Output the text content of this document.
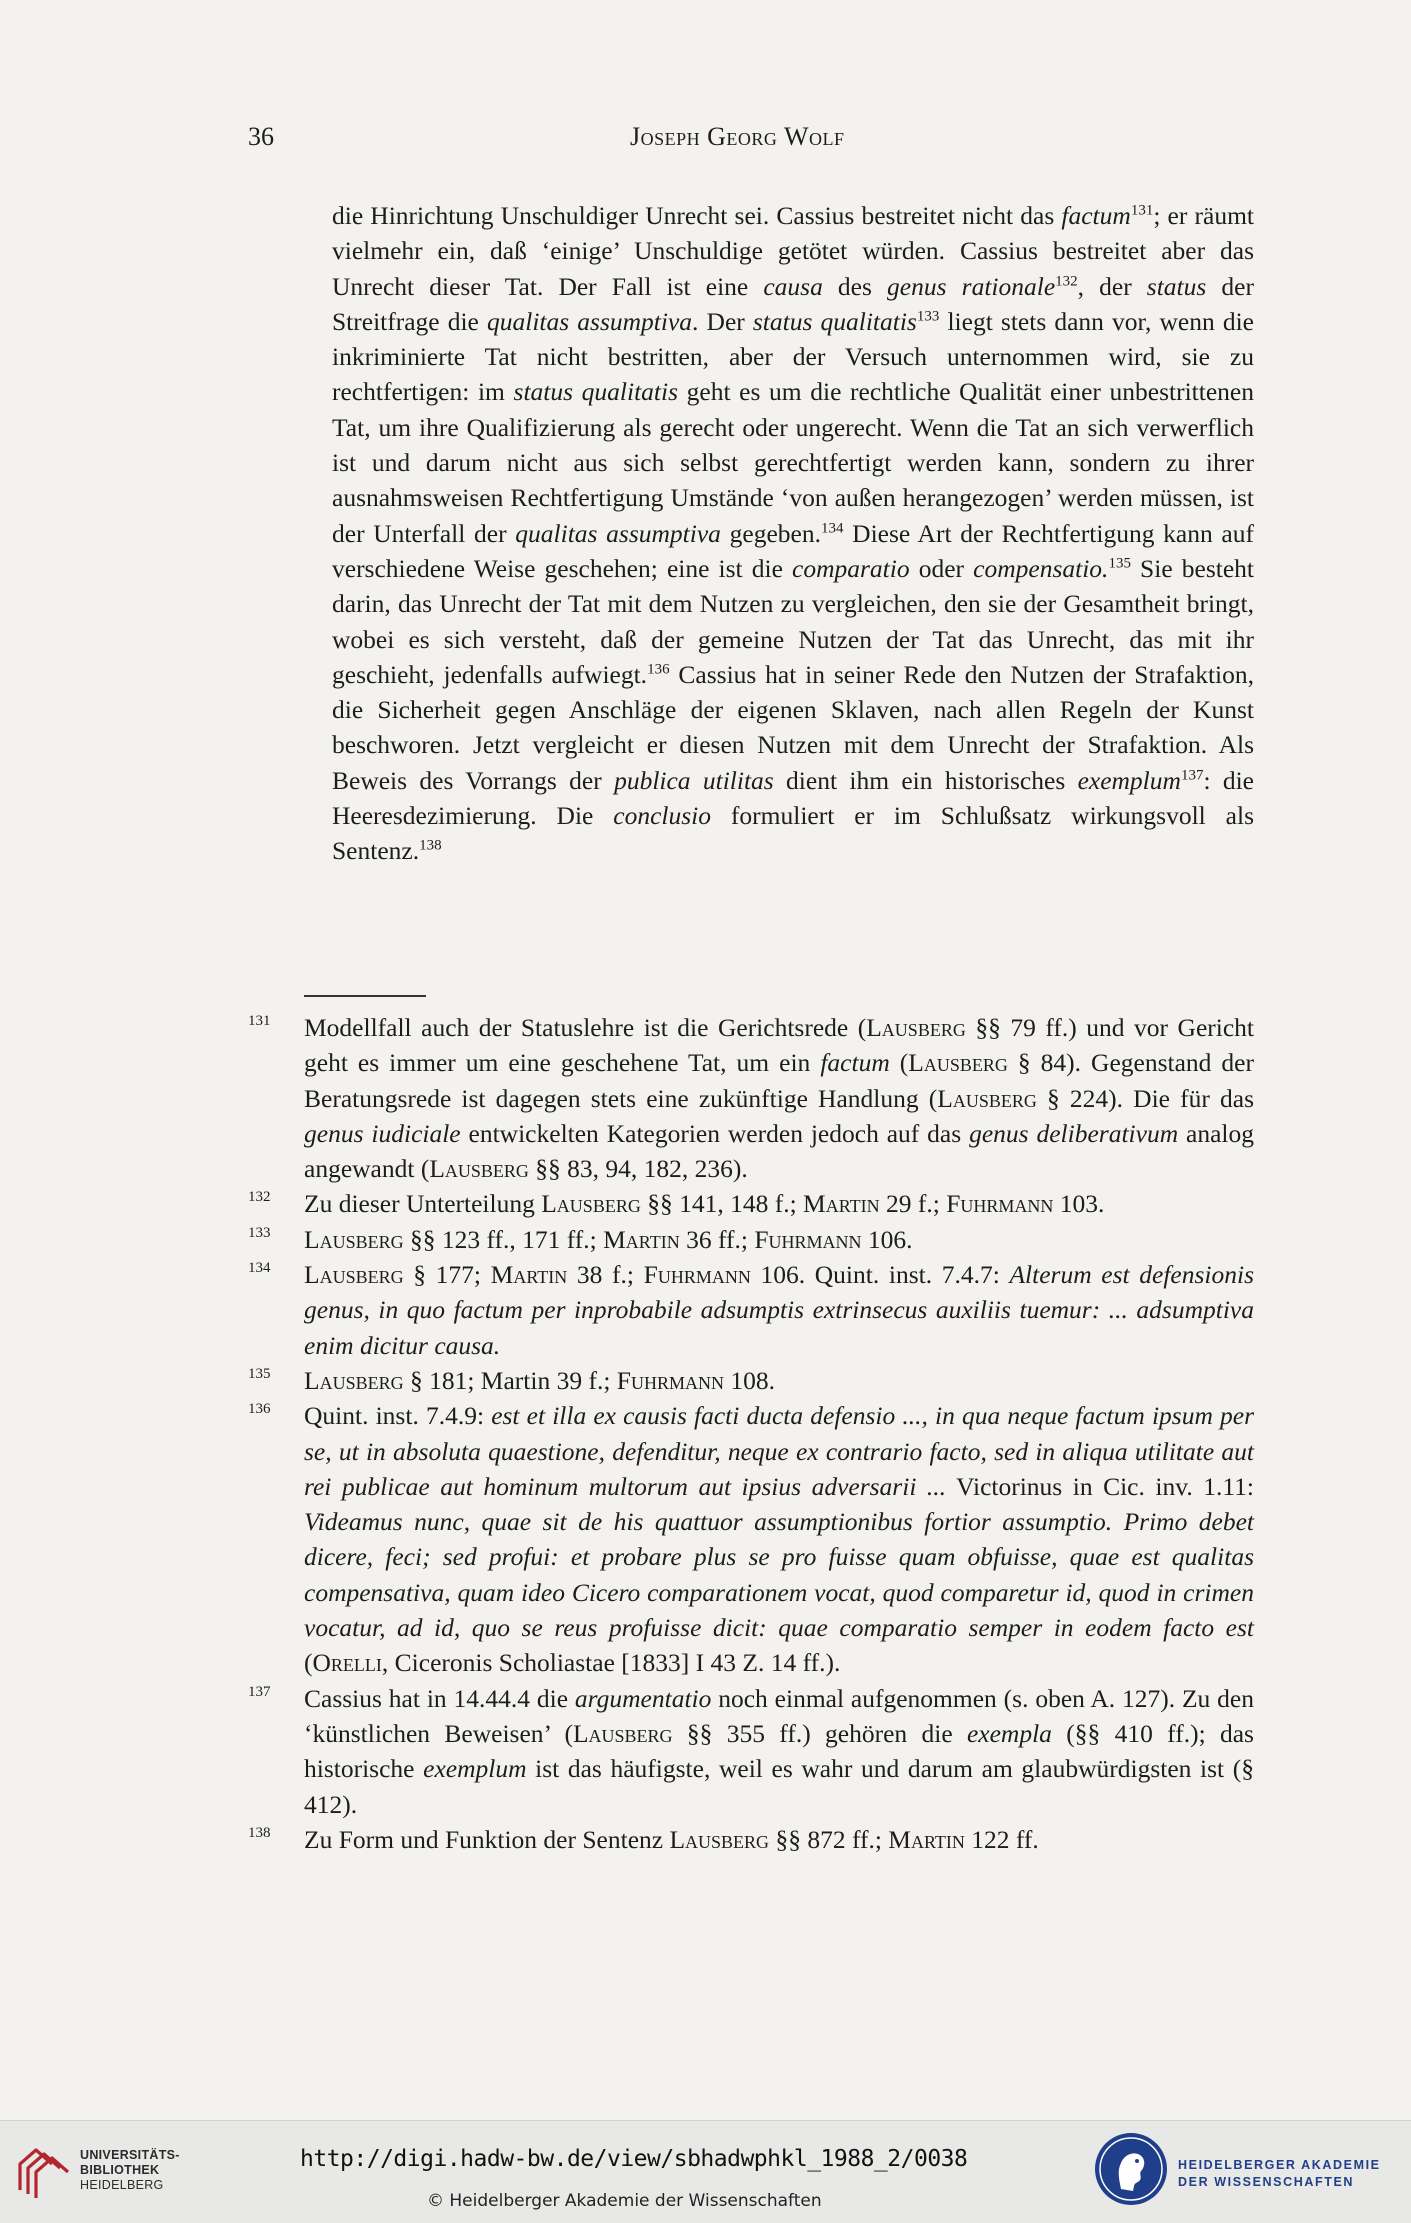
36	Joseph Georg Wolf

die Hinrichtung Unschuldiger Unrecht sei. Cassius bestreitet nicht das factum$^{131}$; er räumt vielmehr ein, daß ‘einige’ Unschuldige getötet würden. Cassius bestreitet aber das Unrecht dieser Tat. Der Fall ist eine causa des genus rationale$^{132}$, der status der Streitfrage die qualitas assumptiva. Der status qualitatis$^{133}$ liegt stets dann vor, wenn die inkriminierte Tat nicht bestritten, aber der Versuch unternommen wird, sie zu rechtfertigen: im status qualitatis geht es um die rechtliche Qualität einer unbestrittenen Tat, um ihre Qualifizierung als gerecht oder ungerecht. Wenn die Tat an sich verwerflich ist und darum nicht aus sich selbst gerechtfertigt werden kann, sondern zu ihrer ausnahmsweisen Rechtfertigung Umstände ‘von außen herangezogen’ werden müssen, ist der Unterfall der qualitas assumptiva gegeben.$^{134}$ Diese Art der Rechtfertigung kann auf verschiedene Weise geschehen; eine ist die comparatio oder compensatio.$^{135}$ Sie besteht darin, das Unrecht der Tat mit dem Nutzen zu vergleichen, den sie der Gesamtheit bringt, wobei es sich versteht, daß der gemeine Nutzen der Tat das Unrecht, das mit ihr geschieht, jedenfalls aufwiegt.$^{136}$ Cassius hat in seiner Rede den Nutzen der Strafaktion, die Sicherheit gegen Anschläge der eigenen Sklaven, nach allen Regeln der Kunst beschworen. Jetzt vergleicht er diesen Nutzen mit dem Unrecht der Strafaktion. Als Beweis des Vorrangs der publica utilitas dient ihm ein historisches exemplum$^{137}$: die Heeresdezimierung. Die conclusio formuliert er im Schlußsatz wirkungsvoll als Sentenz.$^{138}$

131 Modellfall auch der Statuslehre ist die Gerichtsrede (Lausberg §§ 79 ff.) und vor Gericht geht es immer um eine geschehene Tat, um ein factum (Lausberg § 84). Gegenstand der Beratungsrede ist dagegen stets eine zukünftige Handlung (Lausberg § 224). Die für das genus iudiciale entwickelten Kategorien werden jedoch auf das genus deliberativum analog angewandt (Lausberg §§ 83, 94, 182, 236).
132 Zu dieser Unterteilung Lausberg §§ 141, 148 f.; Martin 29 f.; Fuhrmann 103.
133 Lausberg §§ 123 ff., 171 ff.; Martin 36 ff.; Fuhrmann 106.
134 Lausberg § 177; Martin 38 f.; Fuhrmann 106. Quint. inst. 7.4.7: Alterum est defensionis genus, in quo factum per inprobabile adsumptis extrinsecus auxiliis tuemur: ... adsumptiva enim dicitur causa.
135 Lausberg § 181; Martin 39 f.; Fuhrmann 108.
136 Quint. inst. 7.4.9: est et illa ex causis facti ducta defensio ..., in qua neque factum ipsum per se, ut in absoluta quaestione, defenditur, neque ex contrario facto, sed in aliqua utilitate aut rei publicae aut hominum multorum aut ipsius adversarii ... Victorinus in Cic. inv. 1.11: Videamus nunc, quae sit de his quattuor assumptionibus fortior assumptio. Primo debet dicere, feci; sed profui: et probare plus se pro fuisse quam obfuisse, quae est qualitas compensativa, quam ideo Cicero comparationem vocat, quod comparetur id, quod in crimen vocatur, ad id, quo se reus profuisse dicit: quae comparatio semper in eodem facto est (Orelli, Ciceronis Scholiastae [1833] I 43 Z. 14 ff.).
137 Cassius hat in 14.44.4 die argumentatio noch einmal aufgenommen (s. oben A. 127). Zu den ‘künstlichen Beweisen’ (Lausberg §§ 355 ff.) gehören die exempla (§§ 410 ff.); das historische exemplum ist das häufigste, weil es wahr und darum am glaubwürdigsten ist (§ 412).
138 Zu Form und Funktion der Sentenz Lausberg §§ 872 ff.; Martin 122 ff.
UNIVERSITÄTS-
BIBLIOTHEK
HEIDELBERG
http://digi.hadw-bw.de/view/sbhadwphkl_1988_2/0038
© Heidelberger Akademie der Wissenschaften
HEIDELBERGER AKADEMIE
DER WISSENSCHAFTEN
